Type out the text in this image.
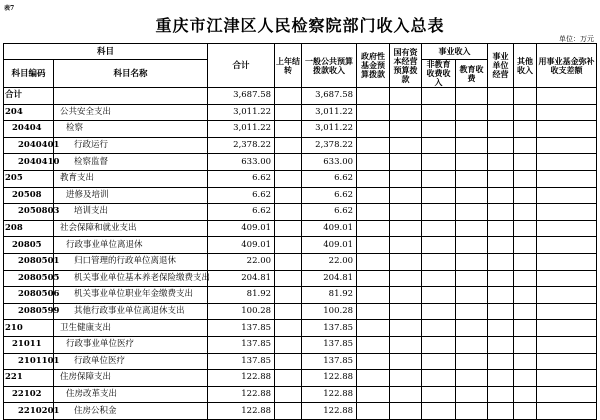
表7
重庆市江津区人民检察院部门收入总表
单位：万元
科目		合计	上年结转	一般公共预算拨款收入	政府性基金预算拨款	国有资本经营预算拨款	事业收入		事业单位经营	其他收入	用事业基金弥补收支差额
科目编码	科目名称						非教育收费收入	教育收费			
合计		3,687.58		3,687.58							
204	公共安全支出	3,011.22		3,011.22							
20404	检察	3,011.22		3,011.22							
2040401	行政运行	2,378.22		2,378.22							
2040410	检察监督	633.00		633.00							
205	教育支出	6.62		6.62							
20508	进修及培训	6.62		6.62							
2050803	培训支出	6.62		6.62							
208	社会保障和就业支出	409.01		409.01							
20805	行政事业单位离退休	409.01		409.01							
2080501	归口管理的行政单位离退休	22.00		22.00							
2080505	机关事业单位基本养老保险缴费支出	204.81		204.81							
2080506	机关事业单位职业年金缴费支出	81.92		81.92							
2080599	其他行政事业单位离退休支出	100.28		100.28							
210	卫生健康支出	137.85		137.85							
21011	行政事业单位医疗	137.85		137.85							
2101101	行政单位医疗	137.85		137.85							
221	住房保障支出	122.88		122.88							
22102	住房改革支出	122.88		122.88							
2210201	住房公积金	122.88		122.88							
